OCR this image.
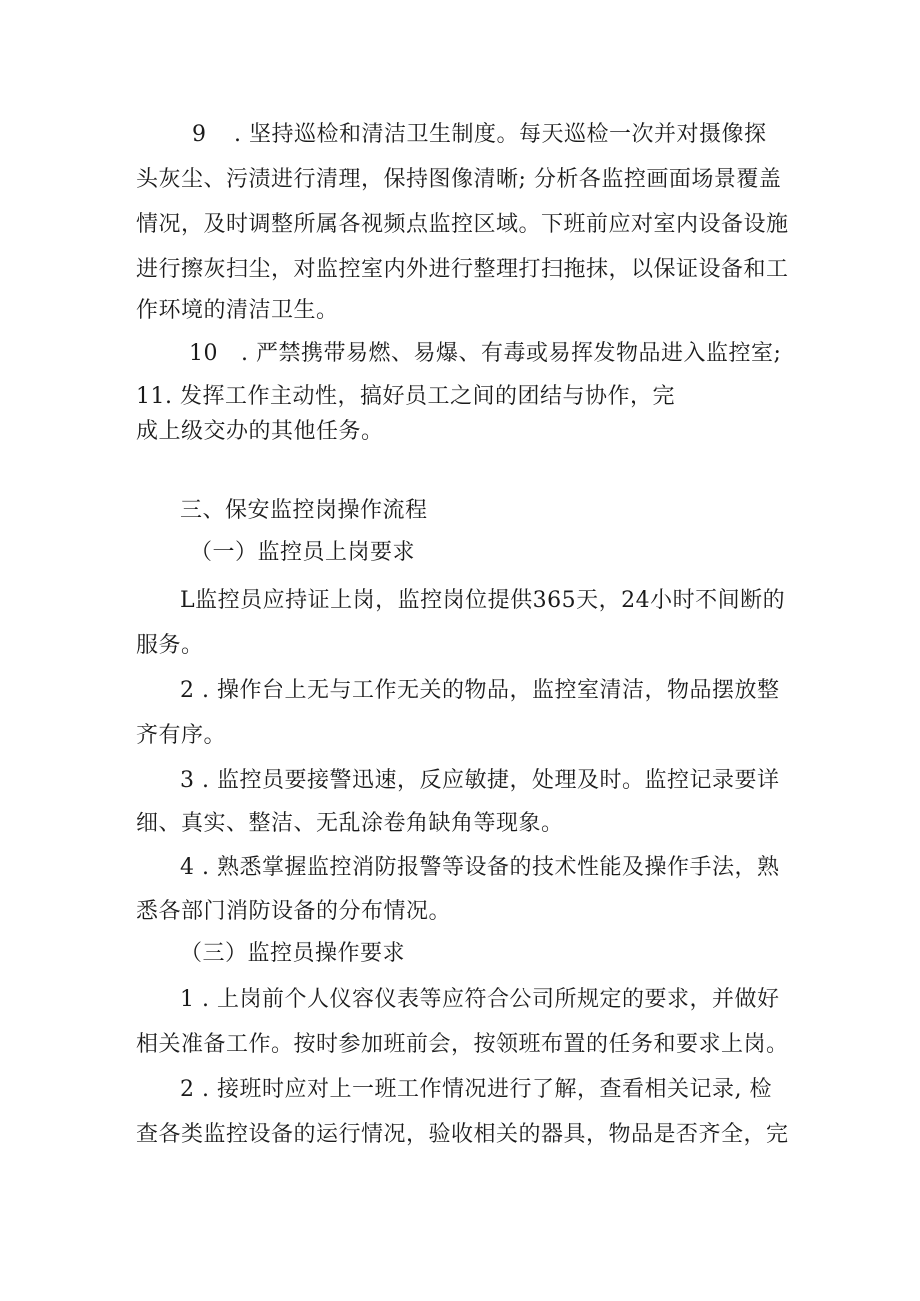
9 . 坚持巡检和清洁卫生制度。每天巡检一次并对摄像探
头灰尘、污渍进行清理，保持图像清晰; 分析各监控画面场景覆盖
情况，及时调整所属各视频点监控区域。下班前应对室内设备设施
进行擦灰扫尘，对监控室内外进行整理打扫拖抹，以保证设备和工
作环境的清洁卫生。
10 . 严禁携带易燃、易爆、有毒或易挥发物品进入监控室;
11. 发挥工作主动性，搞好员工之间的团结与协作，完
成上级交办的其他任务。
三、保安监控岗操作流程
（一）监控员上岗要求
L监控员应持证上岗，监控岗位提供365天，24小时不间断的
服务。
2 . 操作台上无与工作无关的物品，监控室清洁，物品摆放整
齐有序。
3 . 监控员要接警迅速，反应敏捷，处理及时。监控记录要详
细、真实、整洁、无乱涂卷角缺角等现象。
4 . 熟悉掌握监控消防报警等设备的技术性能及操作手法，熟
悉各部门消防设备的分布情况。
（三）监控员操作要求
1 . 上岗前个人仪容仪表等应符合公司所规定的要求，并做好
相关准备工作。按时参加班前会，按领班布置的任务和要求上岗。
2 . 接班时应对上一班工作情况进行了解，查看相关记录, 检
查各类监控设备的运行情况，验收相关的器具，物品是否齐全，完
